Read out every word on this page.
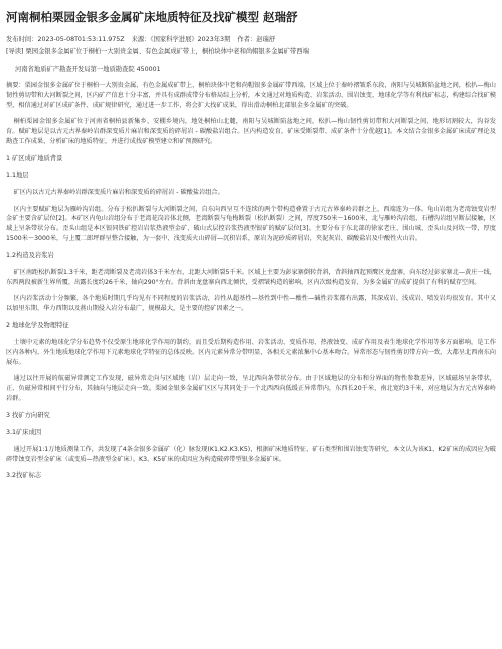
河南桐柏栗园金银多金属矿床地质特征及找矿模型 赵瑞舒
发布时间：2023-05-08T01:53:11.975Z 来源：《国家科学进展》2023年3期 作者：赵瑞舒
[导读] 栗园金银多金属矿位于桐柏一大别贵金属、有色金属成矿带上，桐柏块体中老和尚帽银多金属矿带西端
河南省地质矿产勘查开发局第一地质勘查院 450001

摘要：栗园金银多金属矿位于桐柏一大别贵金属、有色金属成矿带上，桐柏块体中老和尚帽银多金属矿带西端，区域上位于秦岭褶皱系东段，南阳与吴城断陷盆地之间，松扒—梅山韧性剪切带和大河断裂之间，区内矿产信息十分丰富，并具有成群成带分布格局综上分析，本文通过对地质构造、岩浆活动、围岩蚀变、地球化学等有利找矿标志，构建综合找矿模型，相信通过对矿区成矿条件、成矿规律研究，通过进一步工作，将会扩大找矿成果，得出滑动桐柏北部银金多金属矿的突破。

桐柏栗园金银多金属矿位于河南省桐柏县新集乡、安棚乡境内，地处桐柏山北麓，南阳与吴城断陷盆地之间，松扒—梅山韧性剪切带和大河断裂之间，地形切割较大，沟谷发育。赋矿地层是以古元古界秦岭岩群深变质片麻岩和深变质的碎屑岩 - 碳酸盐岩组合。区内构造发育，矿床受断裂带、成矿条件十分优越[1]。本文结合金银多金属矿床成矿理论及勘查工作成果，分析矿床的地质特征，并进行成找矿模型建立和矿预测研究。

1 矿区成矿地质背景
1.1地层

矿区内以古元古界秦岭岩群深变质片麻岩和深变质的碎屑岩 - 碳酸盐岩组合。

区内主要赋矿地层为雁岭沟岩组。分布于松扒断裂与大河断裂之间，自东向西呈互不连续的两个带构造叠置于古元古界秦岭岩群之上，西端连为一体。龟山岩组为老湾蚀变岩型金矿主要含矿层位[2]。本矿区内龟山岩组分布于老湾花岗岩体北侧，老湾断裂与龟梅断裂（松扒断裂）之间，厚度750米～1600米，北与雁岭沟岩组、石槽沟岩组呈断层接触，区域上呈条带状分布。歪头山组是本区银同铁矿控岩岩浆热液型金矿、破山式层控岩浆热液型银矿的赋矿层位[3]。主要分布于东北部的徐家老庄、围山城、歪头山及河坎一带，厚度1500米～3000米，与上覆二郎坪群呈整合接触，为一套中、浅变质火山碎屑—沉积岩系，原岩为泥砂质碎屑岩，夹泥灰岩、碳酸盐岩及中酸性火山岩。

1.2构造及岩浆岩

矿区南距松扒断裂1.3千米，距老湾断裂及老湾岩体3千米左右，北距大河断裂5千米。区域上主要为彭家寨倒转背斜，背斜轴西起预鹰区龙盘寨，向东经过彭家寨北—黄庄一线，东西两段被新生界所覆，出露长度约26千米，轴向290°左右。背斜由龙盘寨向西北倾伏，受褶皱构造的影响，区内次级构造发育，为多金属矿的成矿提供了有利的赋存空间。

区内岩浆活动十分频繁，各个地质时期几乎均见有不同程度的岩浆活动，岩性从超基性—基性到中性—酸性—碱性岩浆都有出露，其深成岩、浅成岩、喷发岩均很发育。其中又以加里东期、华力西期以及燕山期侵入岩分布最广，规模最大，是主要的控矿因素之一。

2 地球化学及物理特征

土壤中元素的地球化学分布趋势不仅受原生地球化学作用的制约，而且受后期构造作用、岩浆活动、变质作用、热液蚀变、成矿作用及表生地球化学作用等多方面影响，是工作区内各种内、外生地质地球化学作用下元素地球化学特征的总体反映。区内元素异常分带明显，各相关元素浓集中心基本吻合。异常形态与韧性剪切带方向一致，大都呈北西南东向展布。

通过以往开展的航磁异常测定工作发现，磁异常走向与区域地（岩）层走向一致，呈北西向条带状分布。由于区域地层的分布和分界面的物性参数差异，区域磁场呈条带状，正、负磁异常相间平行分布，其轴向与地层走向一致。栗园金银多金属矿区区与其同处于一个北西西向低缓正异常带内，东西长20千米，南北宽约3千米，对应地层为古元古界秦岭岩群。

3 找矿方向研究
3.1矿床成因

通过开展1:1万地质测量工作，共发现了4条金银多金属矿（化）脉发现(K1.K2.K3.K5)，根据矿床地质特征、矿石类型和围岩蚀变等研究，本文认为该K1、K2矿床的成因应为破碎带蚀变岩型金矿床（或变质—热液型金矿床）。K3、K5矿床的成因应为构造破碎带型银多金属矿床。

3.2找矿标志
